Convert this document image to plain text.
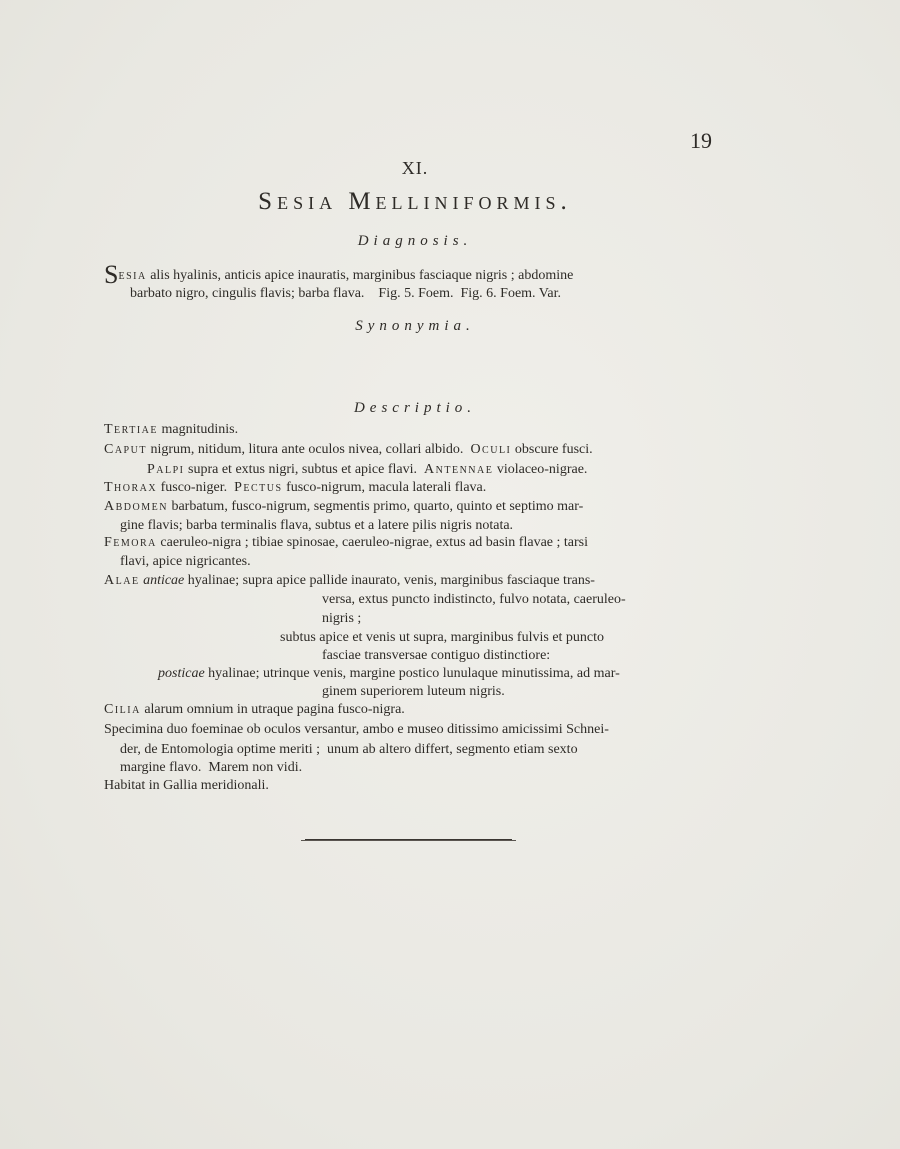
19
XI.
Sesia Melliniformis.
Diagnosis.
Sesia alis hyalinis, anticis apice inauratis, marginibus fasciaque nigris ; abdomine
barbato nigro, cingulis flavis; barba flava.    Fig. 5. Foem.  Fig. 6. Foem. Var.
Synonymia.
Descriptio.
Tertiae magnitudinis.
Caput nigrum, nitidum, litura ante oculos nivea, collari albido.  Oculi obscure fusci.
Palpi supra et extus nigri, subtus et apice flavi.  Antennae violaceo-nigrae.
Thorax fusco-niger.  Pectus fusco-nigrum, macula laterali flava.
Abdomen barbatum, fusco-nigrum, segmentis primo, quarto, quinto et septimo mar-
gine flavis; barba terminalis flava, subtus et a latere pilis nigris notata.
Femora caeruleo-nigra ; tibiae spinosae, caeruleo-nigrae, extus ad basin flavae ; tarsi
flavi, apice nigricantes.
Alae anticae hyalinae; supra apice pallide inaurato, venis, marginibus fasciaque trans-
versa, extus puncto indistincto, fulvo notata, caeruleo-
nigris ;
subtus apice et venis ut supra, marginibus fulvis et puncto
fasciae transversae contiguo distinctiore:
posticae hyalinae; utrinque venis, margine postico lunulaque minutissima, ad mar-
ginem superiorem luteum nigris.
Cilia alarum omnium in utraque pagina fusco-nigra.
Specimina duo foeminae ob oculos versantur, ambo e museo ditissimo amicissimi Schnei-
der, de Entomologia optime meriti ;  unum ab altero differt, segmento etiam sexto
margine flavo.  Marem non vidi.
Habitat in Gallia meridionali.
